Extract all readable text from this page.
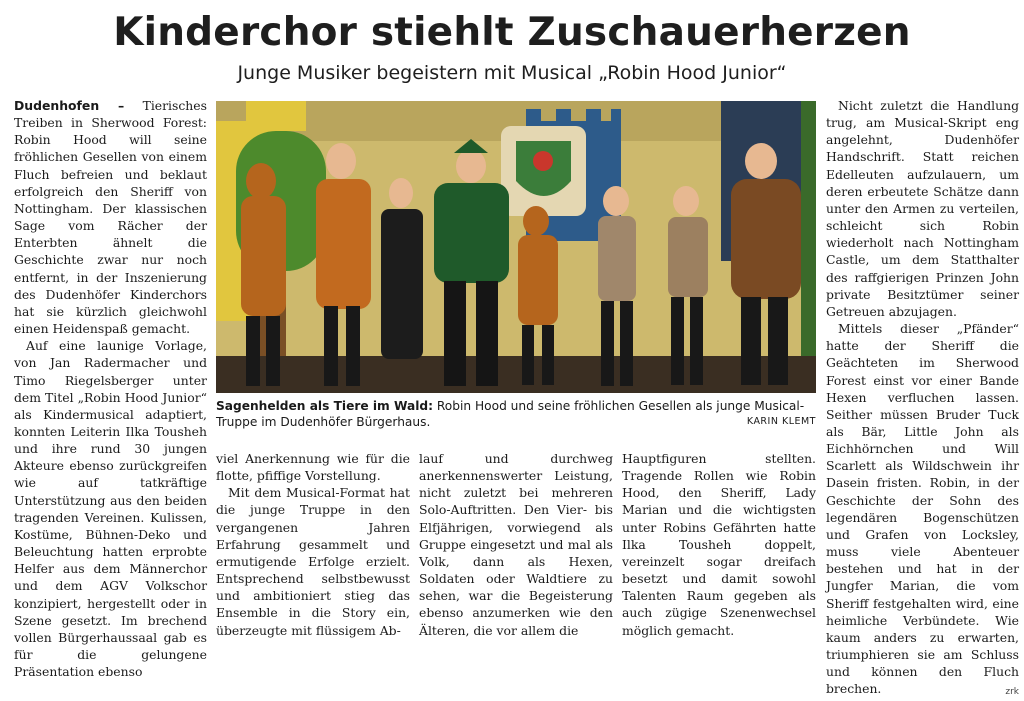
Kinderchor stiehlt Zuschauerherzen
Junge Musiker begeistern mit Musical „Robin Hood Junior“

Dudenhofen – Tierisches Treiben in Sherwood Forest: Robin Hood will seine fröhlichen Gesellen von einem Fluch befreien und beklaut erfolgreich den Sheriff von Nottingham. Der klassischen Sage vom Rächer der Enterbten ähnelt die Geschichte zwar nur noch entfernt, in der Inszenierung des Dudenhöfer Kinderchors hat sie kürzlich gleichwohl einen Heidenspaß gemacht.

Auf eine launige Vorlage, von Jan Radermacher und Timo Riegelsberger unter dem Titel „Robin Hood Junior“ als Kindermusical adaptiert, konnten Leiterin Ilka Tousheh und ihre rund 30 jungen Akteure ebenso zurückgreifen wie auf tatkräftige Unterstützung aus den beiden tragenden Vereinen. Kulissen, Kostüme, Bühnen-Deko und Beleuchtung hatten erprobte Helfer aus dem Männerchor und dem AGV Volkschor konzipiert, hergestellt oder in Szene gesetzt. Im brechend vollen Bürgerhaussaal gab es für die gelungene Präsentation ebenso

Sagenhelden als Tiere im Wald: Robin Hood und seine fröhlichen Gesellen als junge Musical-Truppe im Dudenhöfer Bürgerhaus.	KARIN KLEMT

viel Anerkennung wie für die flotte, pfiffige Vorstellung.

Mit dem Musical-Format hat die junge Truppe in den vergangenen Jahren Erfahrung gesammelt und ermutigende Erfolge erzielt. Entsprechend selbstbewusst und ambitioniert stieg das Ensemble in die Story ein, überzeugte mit flüssigem Ab-

lauf und durchweg anerkennenswerter Leistung, nicht zuletzt bei mehreren Solo-Auftritten. Den Vier- bis Elfjährigen, vorwiegend als Gruppe eingesetzt und mal als Volk, dann als Hexen, Soldaten oder Waldtiere zu sehen, war die Begeisterung ebenso anzumerken wie den Älteren, die vor allem die

Hauptfiguren stellten. Tragende Rollen wie Robin Hood, den Sheriff, Lady Marian und die wichtigsten unter Robins Gefährten hatte Ilka Tousheh doppelt, vereinzelt sogar dreifach besetzt und damit sowohl Talenten Raum gegeben als auch zügige Szenenwechsel möglich gemacht.

Nicht zuletzt die Handlung trug, am Musical-Skript eng angelehnt, Dudenhöfer Handschrift. Statt reichen Edelleuten aufzulauern, um deren erbeutete Schätze dann unter den Armen zu verteilen, schleicht sich Robin wiederholt nach Nottingham Castle, um dem Statthalter des raffgierigen Prinzen John private Besitztümer seiner Getreuen abzujagen.

Mittels dieser „Pfänder“ hatte der Sheriff die Geächteten im Sherwood Forest einst vor einer Bande Hexen verfluchen lassen. Seither müssen Bruder Tuck als Bär, Little John als Eichhörnchen und Will Scarlett als Wildschwein ihr Dasein fristen. Robin, in der Geschichte der Sohn des legendären Bogenschützen und Grafen von Locksley, muss viele Abenteuer bestehen und hat in der Jungfer Marian, die vom Sheriff festgehalten wird, eine heimliche Verbündete. Wie kaum anders zu erwarten, triumphieren sie am Schluss und können den Fluch brechen.	zrk
